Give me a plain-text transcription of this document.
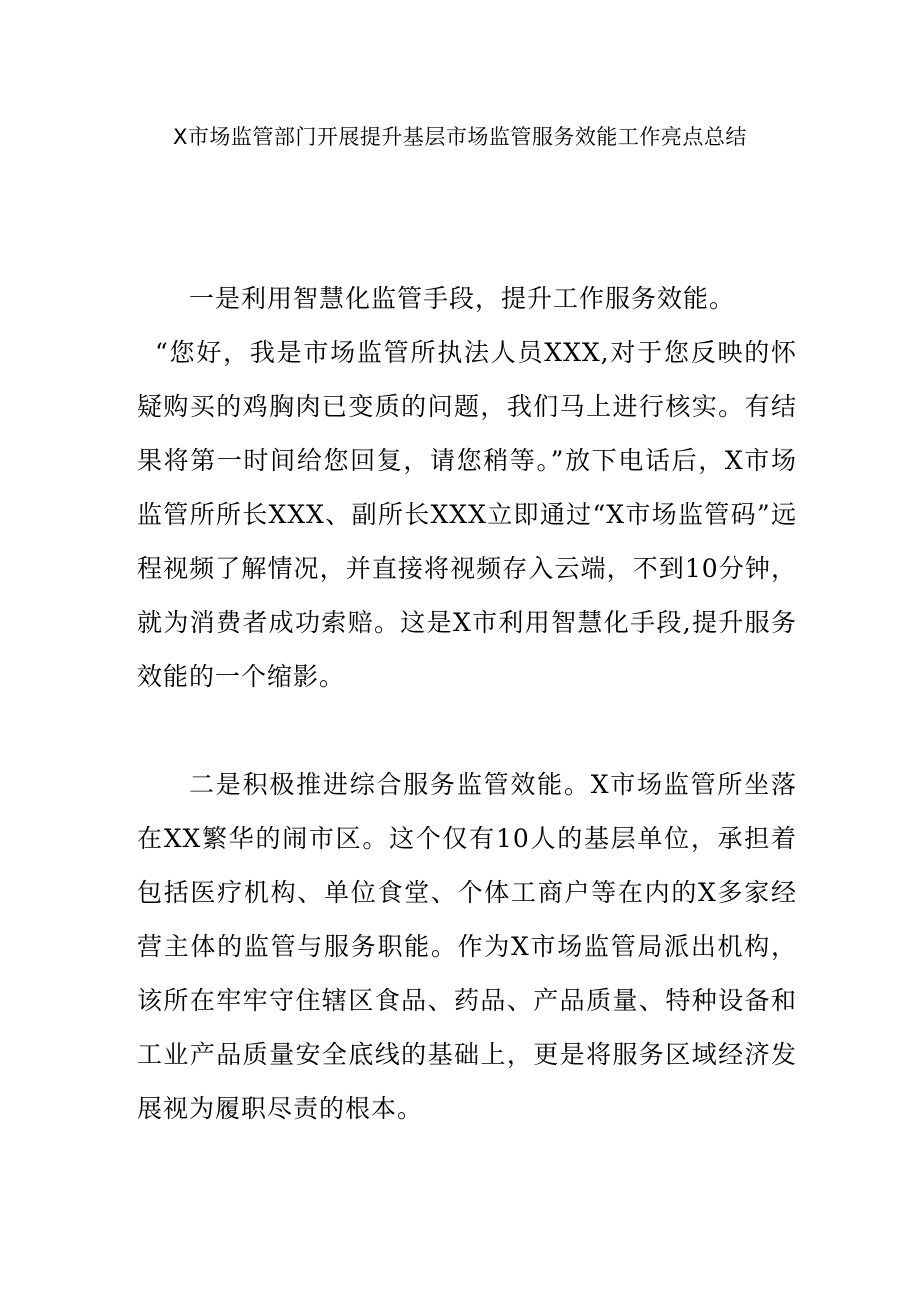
X市场监管部门开展提升基层市场监管服务效能工作亮点总结

一是利用智慧化监管手段，提升工作服务效能。

“您好，我是市场监管所执法人员XXX,对于您反映的怀疑购买的鸡胸肉已变质的问题，我们马上进行核实。有结果将第一时间给您回复，请您稍等。”放下电话后，X市场监管所所长XXX、副所长XXX立即通过“X市场监管码”远程视频了解情况，并直接将视频存入云端，不到10分钟，就为消费者成功索赔。这是X市利用智慧化手段,提升服务效能的一个缩影。

二是积极推进综合服务监管效能。X市场监管所坐落在XX繁华的闹市区。这个仅有10人的基层单位，承担着包括医疗机构、单位食堂、个体工商户等在内的X多家经营主体的监管与服务职能。作为X市场监管局派出机构，该所在牢牢守住辖区食品、药品、产品质量、特种设备和工业产品质量安全底线的基础上，更是将服务区域经济发展视为履职尽责的根本。
